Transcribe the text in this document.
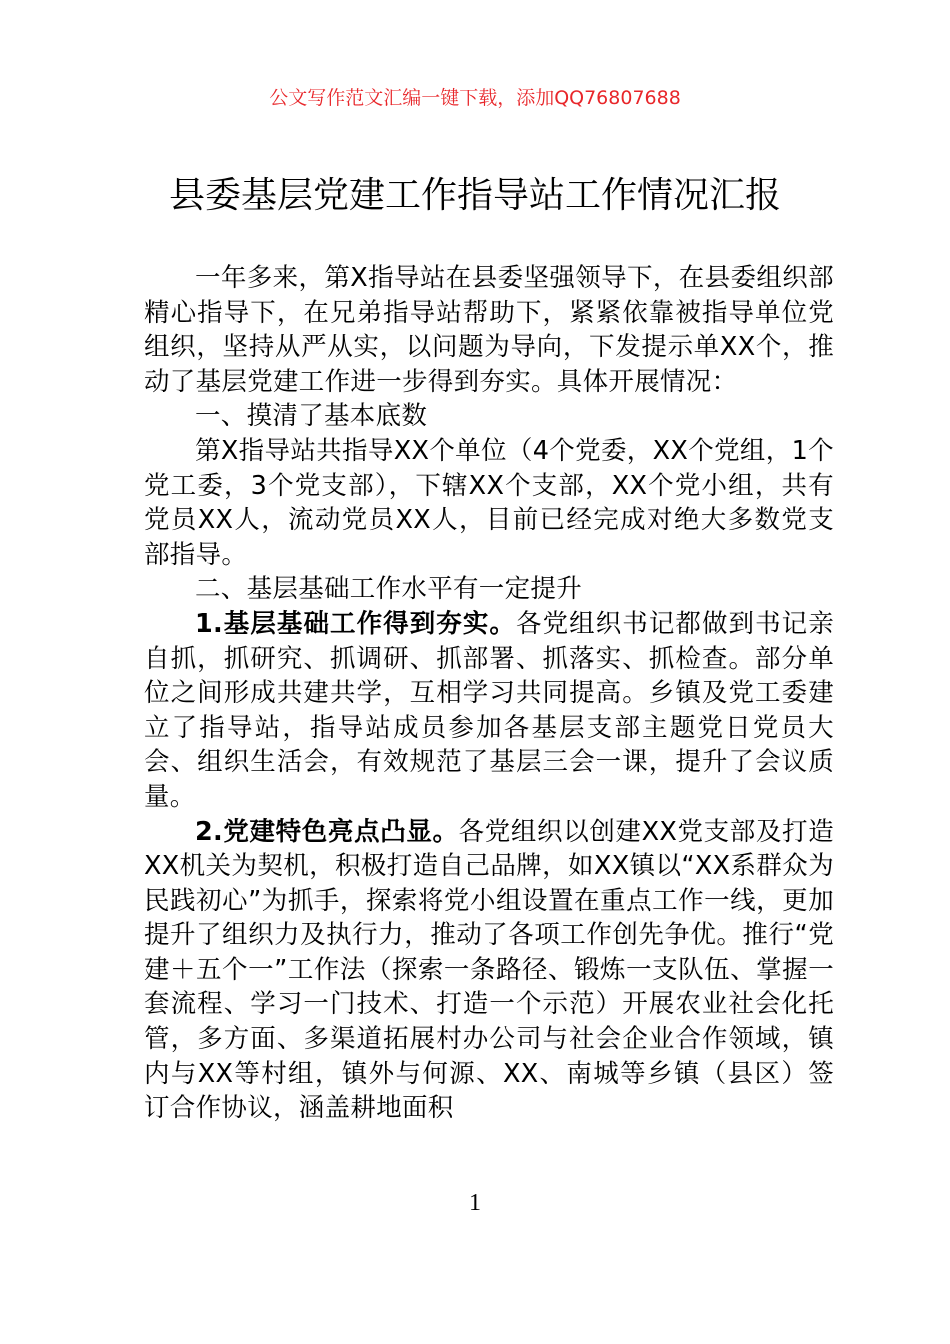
公文写作范文汇编一键下载，添加QQ76807688
县委基层党建工作指导站工作情况汇报

一年多来，第X指导站在县委坚强领导下，在县委组织部精心指导下，在兄弟指导站帮助下，紧紧依靠被指导单位党组织，坚持从严从实，以问题为导向，下发提示单XX个，推动了基层党建工作进一步得到夯实。具体开展情况：

一、摸清了基本底数

第X指导站共指导XX个单位（4个党委，XX个党组，1个党工委，3个党支部），下辖XX个支部，XX个党小组，共有党员XX人，流动党员XX人，目前已经完成对绝大多数党支部指导。

二、基层基础工作水平有一定提升

1.基层基础工作得到夯实。各党组织书记都做到书记亲自抓，抓研究、抓调研、抓部署、抓落实、抓检查。部分单位之间形成共建共学，互相学习共同提高。乡镇及党工委建立了指导站，指导站成员参加各基层支部主题党日党员大会、组织生活会，有效规范了基层三会一课，提升了会议质量。

2.党建特色亮点凸显。各党组织以创建XX党支部及打造XX机关为契机，积极打造自己品牌，如XX镇以“XX系群众为民践初心”为抓手，探索将党小组设置在重点工作一线，更加提升了组织力及执行力，推动了各项工作创先争优。推行“党建＋五个一”工作法（探索一条路径、锻炼一支队伍、掌握一套流程、学习一门技术、打造一个示范）开展农业社会化托管，多方面、多渠道拓展村办公司与社会企业合作领域，镇内与XX等村组，镇外与何源、XX、南城等乡镇（县区）签订合作协议，涵盖耕地面积

1
